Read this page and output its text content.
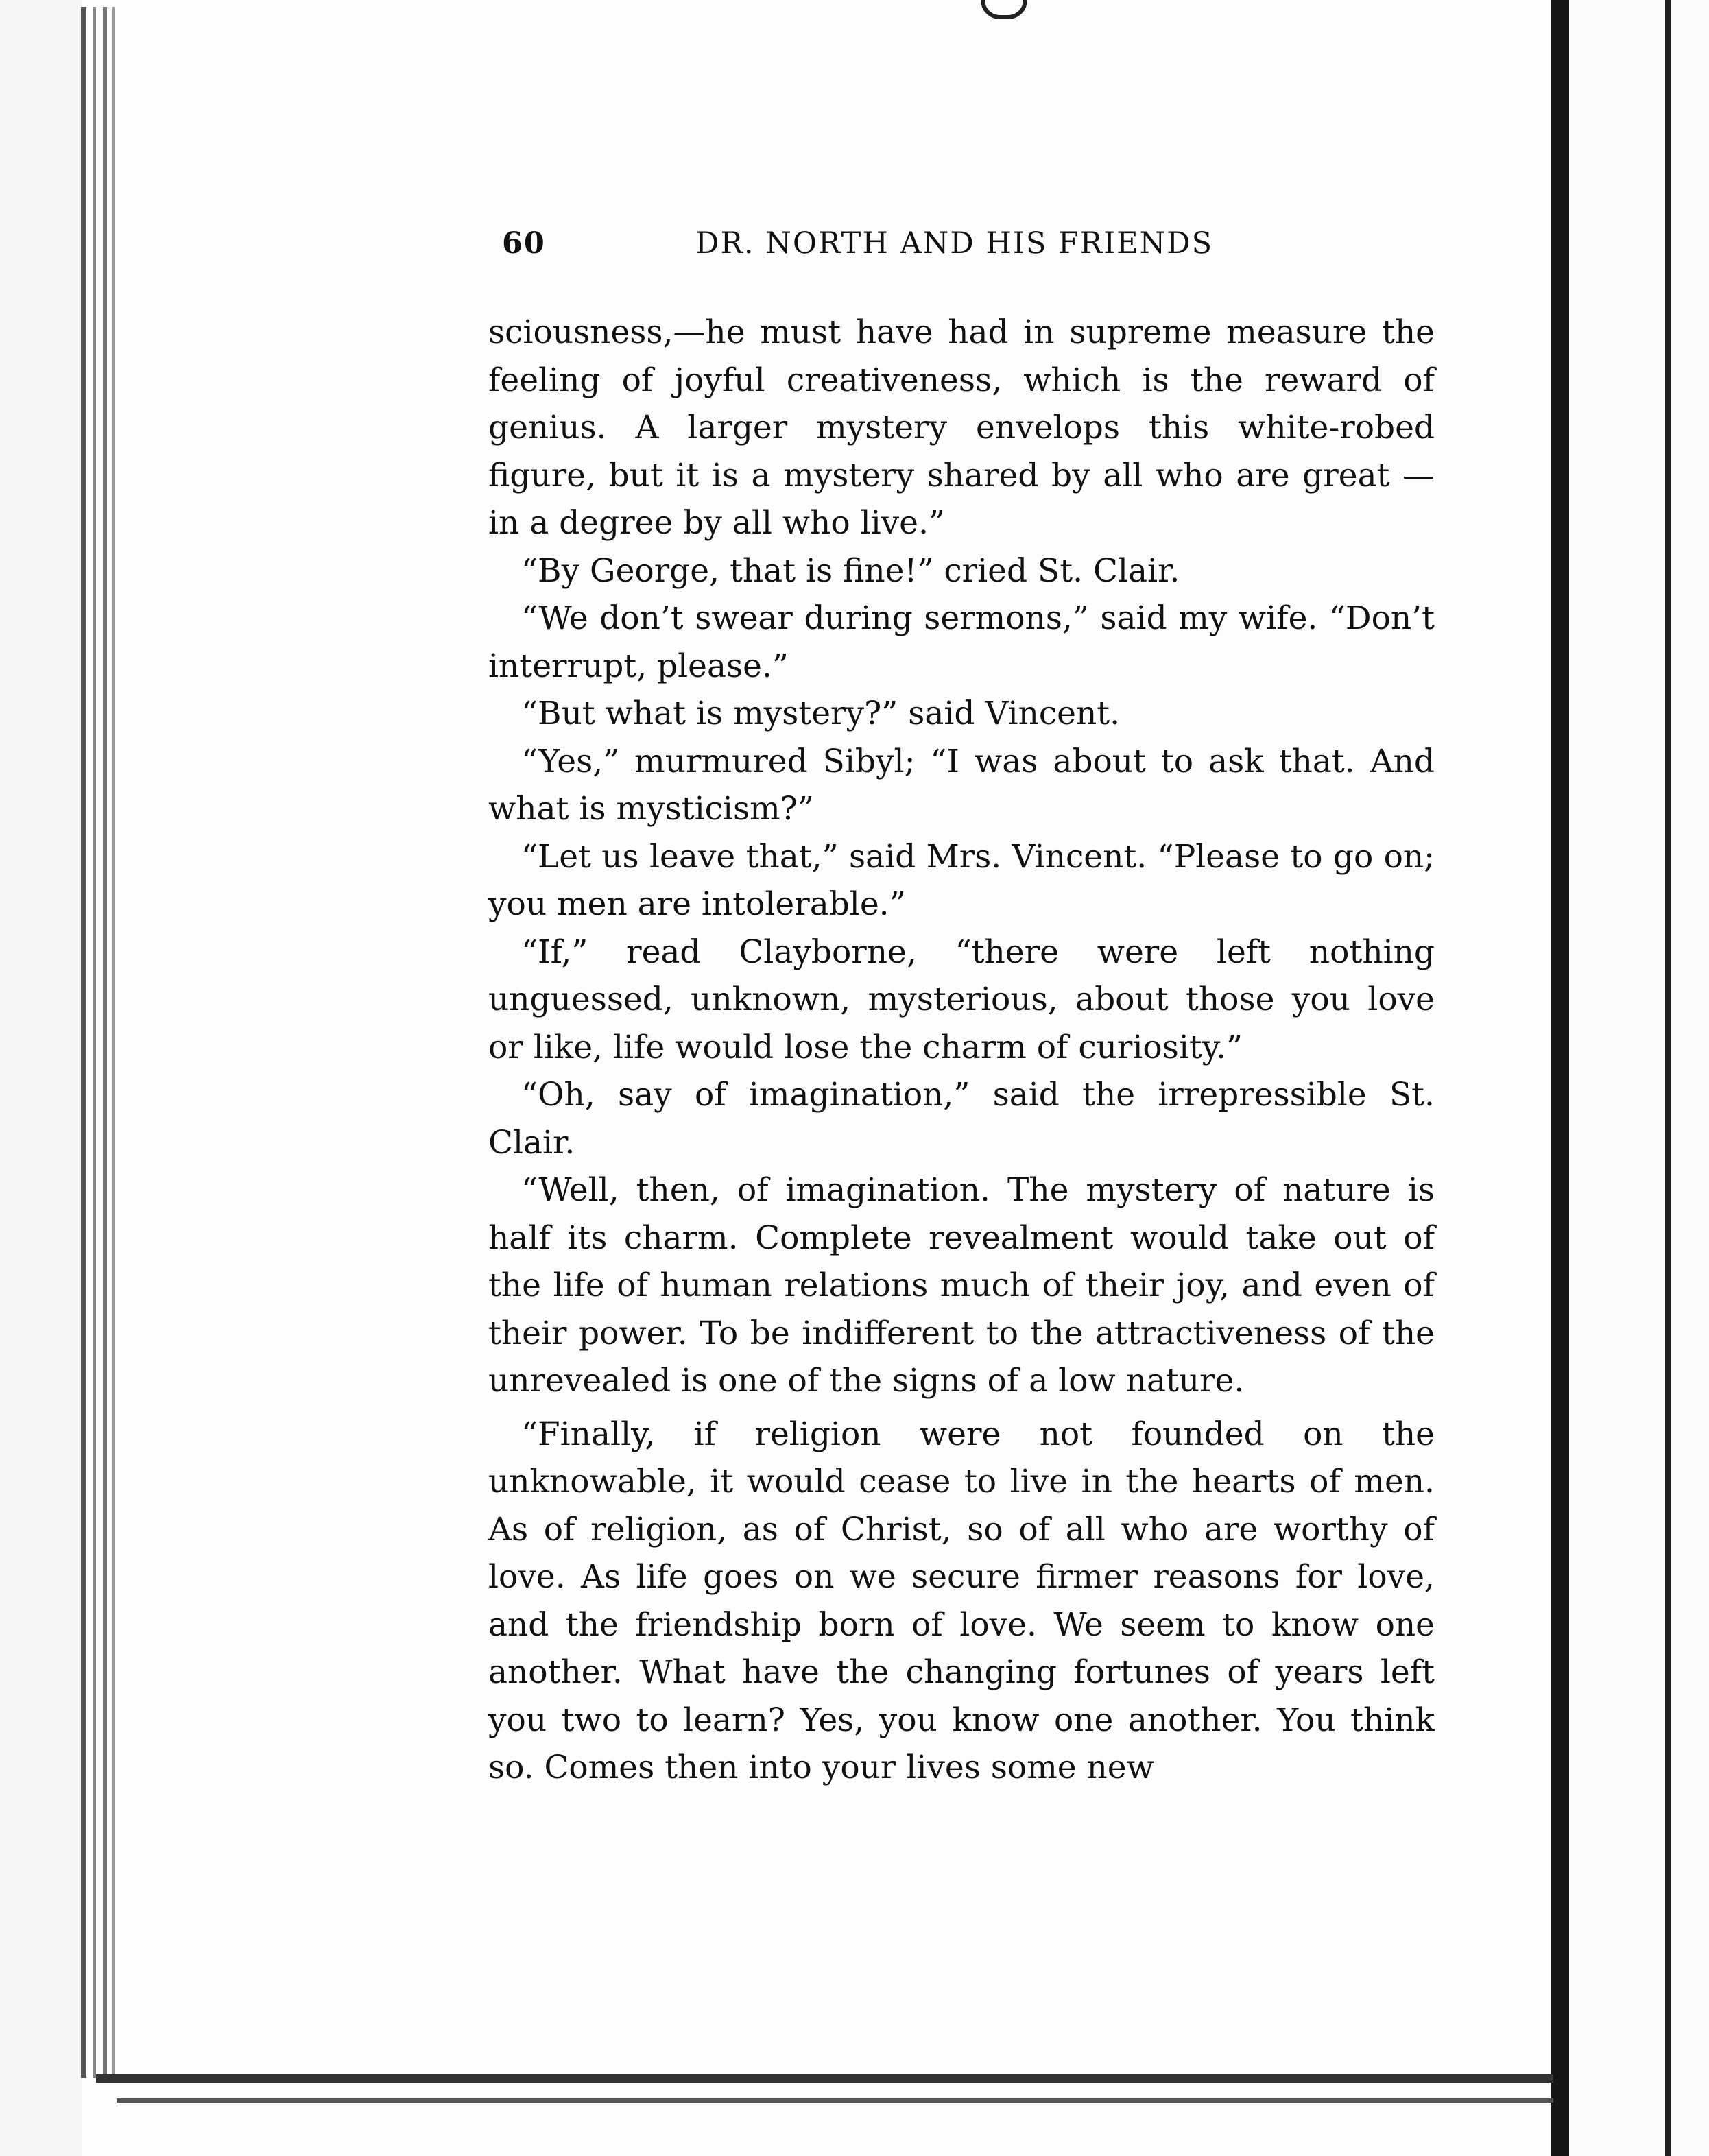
60	DR. NORTH AND HIS FRIENDS

sciousness,—he must have had in supreme measure the feeling of joyful creativeness, which is the reward of genius. A larger mystery envelops this white-robed figure, but it is a mystery shared by all who are great —in a degree by all who live.”

“By George, that is fine!” cried St. Clair.

“We don’t swear during sermons,” said my wife. “Don’t interrupt, please.”

“But what is mystery?” said Vincent.

“Yes,” murmured Sibyl; “I was about to ask that. And what is mysticism?”

“Let us leave that,” said Mrs. Vincent. “Please to go on; you men are intolerable.”

“If,” read Clayborne, “there were left nothing unguessed, unknown, mysterious, about those you love or like, life would lose the charm of curiosity.”

“Oh, say of imagination,” said the irrepressible St. Clair.

“Well, then, of imagination. The mystery of nature is half its charm. Complete revealment would take out of the life of human relations much of their joy, and even of their power. To be indifferent to the attractiveness of the unrevealed is one of the signs of a low nature.

“Finally, if religion were not founded on the unknowable, it would cease to live in the hearts of men. As of religion, as of Christ, so of all who are worthy of love. As life goes on we secure firmer reasons for love, and the friendship born of love. We seem to know one another. What have the changing fortunes of years left you two to learn? Yes, you know one another. You think so. Comes then into your lives some new
